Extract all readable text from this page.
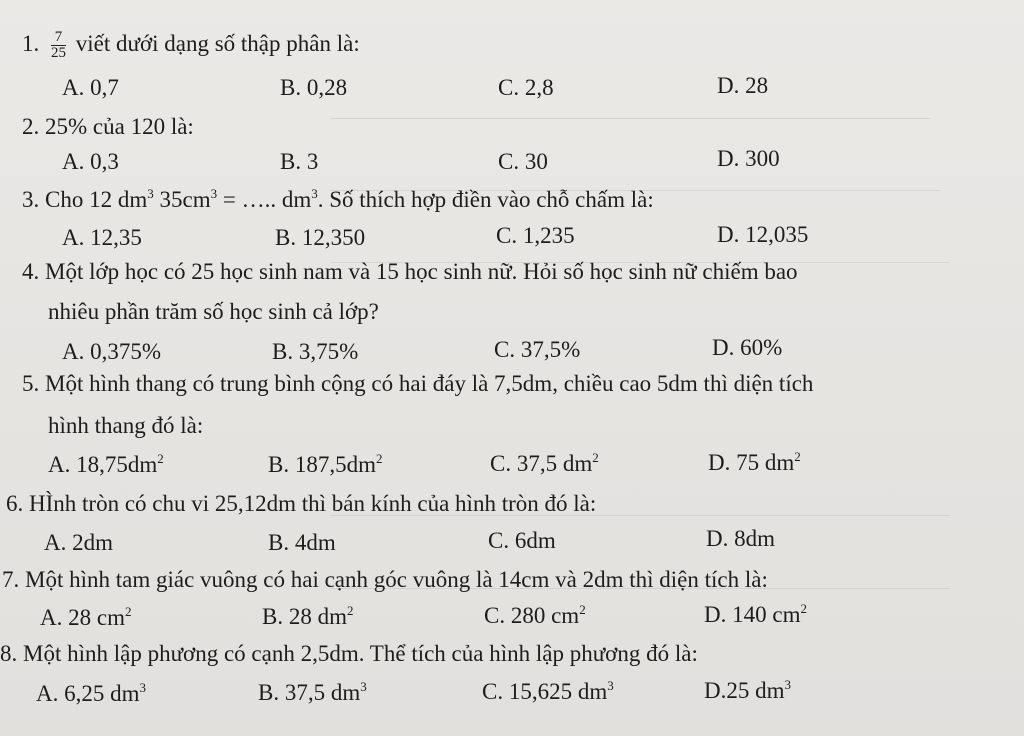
1. $\frac{7}{25}$ viết dưới dạng số thập phân là:
A. 0,7	B. 0,28	C. 2,8	D. 28
2. 25% của 120 là:
A. 0,3	B. 3	C. 30	D. 300
3. Cho 12 $dm^3$ $35cm^3$ = ….. $dm^3$. Số thích hợp điền vào chỗ chấm là:
A. 12,35	B. 12,350	C. 1,235	D. 12,035
4. Một lớp học có 25 học sinh nam và 15 học sinh nữ. Hỏi số học sinh nữ chiếm bao
nhiêu phần trăm số học sinh cả lớp?
A. 0,375%	B. 3,75%	C. 37,5%	D. 60%
5. Một hình thang có trung bình cộng có hai đáy là 7,5dm, chiều cao 5dm thì diện tích
hình thang đó là:
A. $18,75dm^2$	B. $187,5dm^2$	C. 37,5 $dm^2$	D. 75 $dm^2$
6. HÌnh tròn có chu vi 25,12dm thì bán kính của hình tròn đó là:
A. 2dm	B. 4dm	C. 6dm	D. 8dm
7. Một hình tam giác vuông có hai cạnh góc vuông là 14cm và 2dm thì diện tích là:
A. 28 $cm^2$	B. 28 $dm^2$	C. 280 $cm^2$	D. 140 $cm^2$
8. Một hình lập phương có cạnh 2,5dm. Thể tích của hình lập phương đó là:
A. 6,25 $dm^3$	B. 37,5 $dm^3$	C. 15,625 $dm^3$	D.25 $dm^3$
